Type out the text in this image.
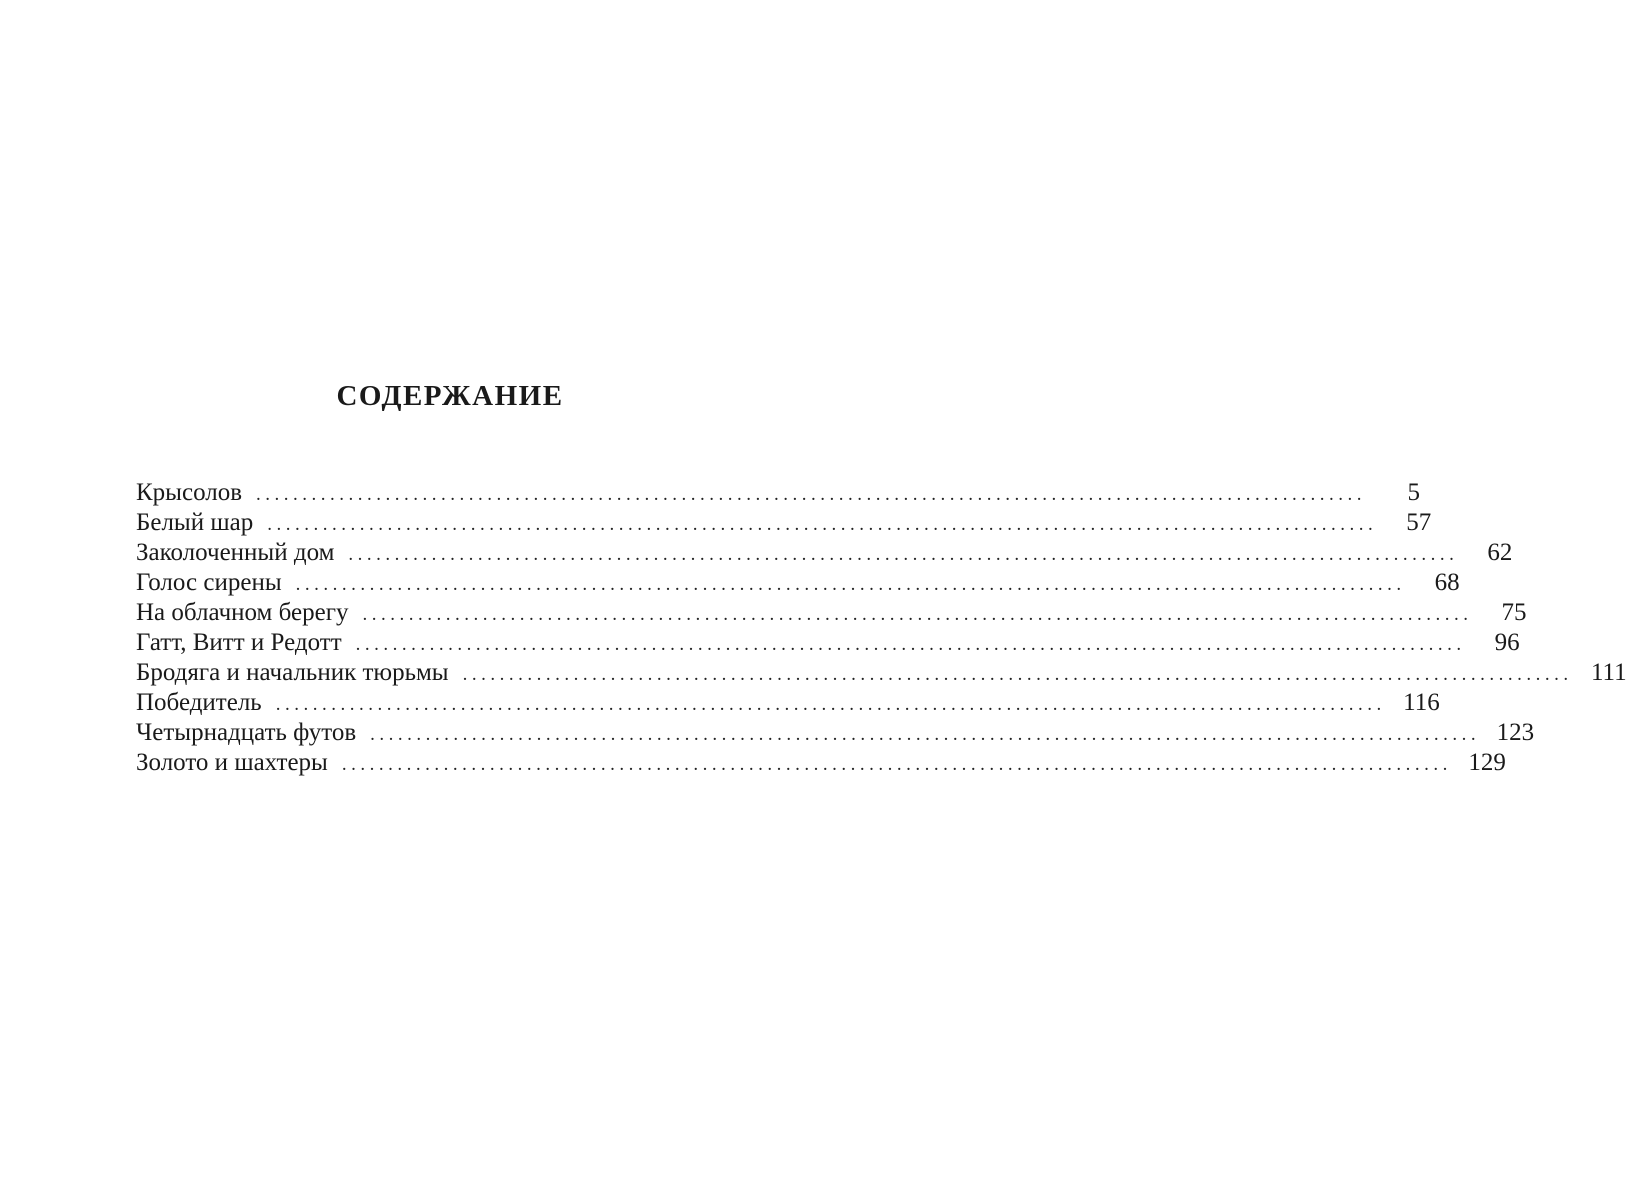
СОДЕРЖАНИЕ
Крысолов ........................................................................................................................	5
Белый шар ........................................................................................................................	57
Заколоченный дом ........................................................................................................................	62
Голос сирены ........................................................................................................................	68
На облачном берегу ........................................................................................................................	75
Гатт, Витт и Редотт ........................................................................................................................	96
Бродяга и начальник тюрьмы ........................................................................................................................ 111
Победитель ........................................................................................................................ 116
Четырнадцать футов ........................................................................................................................ 123
Золото и шахтеры ........................................................................................................................ 129
